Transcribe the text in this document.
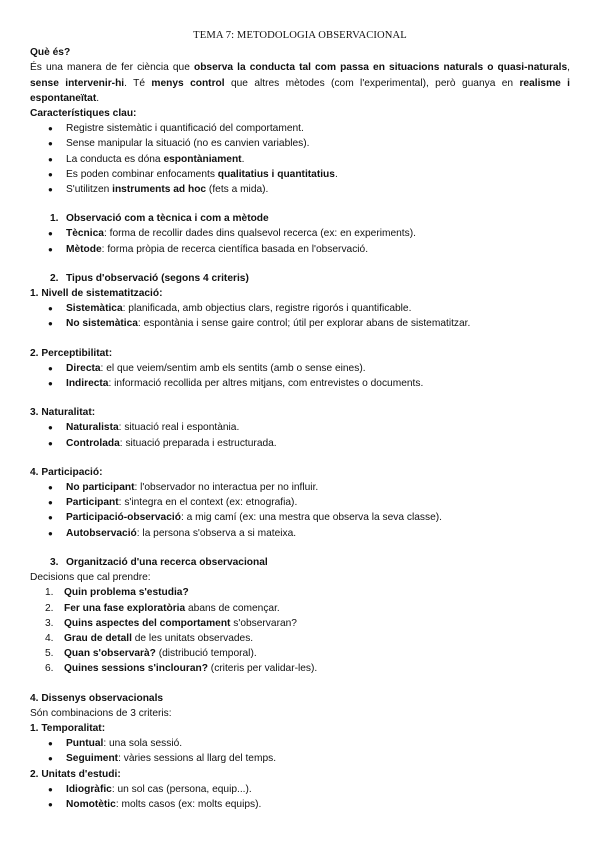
TEMA 7: METODOLOGIA OBSERVACIONAL
Què és?
És una manera de fer ciència que observa la conducta tal com passa en situacions naturals o quasi-naturals, sense intervenir-hi. Té menys control que altres mètodes (com l'experimental), però guanya en realisme i espontaneïtat.
Característiques clau:
● Registre sistemàtic i quantificació del comportament.
● Sense manipular la situació (no es canvien variables).
● La conducta es dóna espontàniament.
● Es poden combinar enfocaments qualitatius i quantitatius.
● S'utilitzen instruments ad hoc (fets a mida).
1. Observació com a tècnica i com a mètode
● Tècnica: forma de recollir dades dins qualsevol recerca (ex: en experiments).
● Mètode: forma pròpia de recerca científica basada en l'observació.
2. Tipus d'observació (segons 4 criteris)
1. Nivell de sistematització:
● Sistemàtica: planificada, amb objectius clars, registre rigorós i quantificable.
● No sistemàtica: espontània i sense gaire control; útil per explorar abans de sistematitzar.
2. Perceptibilitat:
● Directa: el que veiem/sentim amb els sentits (amb o sense eines).
● Indirecta: informació recollida per altres mitjans, com entrevistes o documents.
3. Naturalitat:
● Naturalista: situació real i espontània.
● Controlada: situació preparada i estructurada.
4. Participació:
● No participant: l'observador no interactua per no influir.
● Participant: s'integra en el context (ex: etnografia).
● Participació-observació: a mig camí (ex: una mestra que observa la seva classe).
● Autobservació: la persona s'observa a si mateixa.
3. Organització d'una recerca observacional
Decisions que cal prendre:
1. Quin problema s'estudia?
2. Fer una fase exploratòria abans de començar.
3. Quins aspectes del comportament s'observaran?
4. Grau de detall de les unitats observades.
5. Quan s'observarà? (distribució temporal).
6. Quines sessions s'inclouran? (criteris per validar-les).
4. Dissenys observacionals
Són combinacions de 3 criteris:
1. Temporalitat:
● Puntual: una sola sessió.
● Seguiment: vàries sessions al llarg del temps.
2. Unitats d'estudi:
● Idiogràfic: un sol cas (persona, equip...).
● Nomotètic: molts casos (ex: molts equips).
